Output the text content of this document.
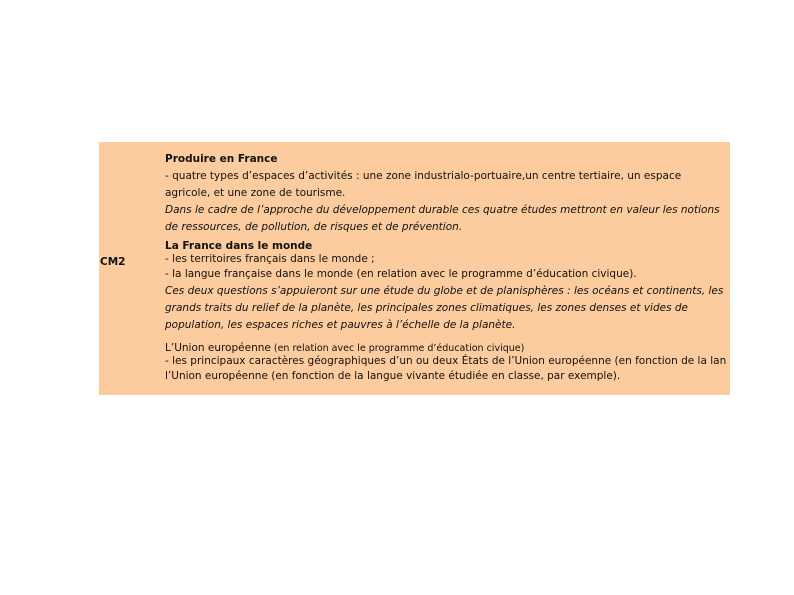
CM2

Produire en France

- quatre types d’espaces d’activités : une zone industrialo-portuaire,un centre tertiaire, un espace

agricole, et une zone de tourisme.

Dans le cadre de l’approche du développement durable ces quatre études mettront en valeur les notions

de ressources, de pollution, de risques et de prévention.

La France dans le monde

- les territoires français dans le monde ;

- la langue française dans le monde (en relation avec le programme d’éducation civique).

Ces deux questions s’appuieront sur une étude du globe et de planisphères : les océans et continents, les

grands traits du relief de la planète, les principales zones climatiques, les zones denses et vides de

population, les espaces riches et pauvres à l’échelle de la planète.

L’Union européenne (en relation avec le programme d’éducation civique)

- les principaux caractères géographiques d’un ou deux États de l’Union européenne (en fonction de la lan

l’Union européenne (en fonction de la langue vivante étudiée en classe, par exemple).
